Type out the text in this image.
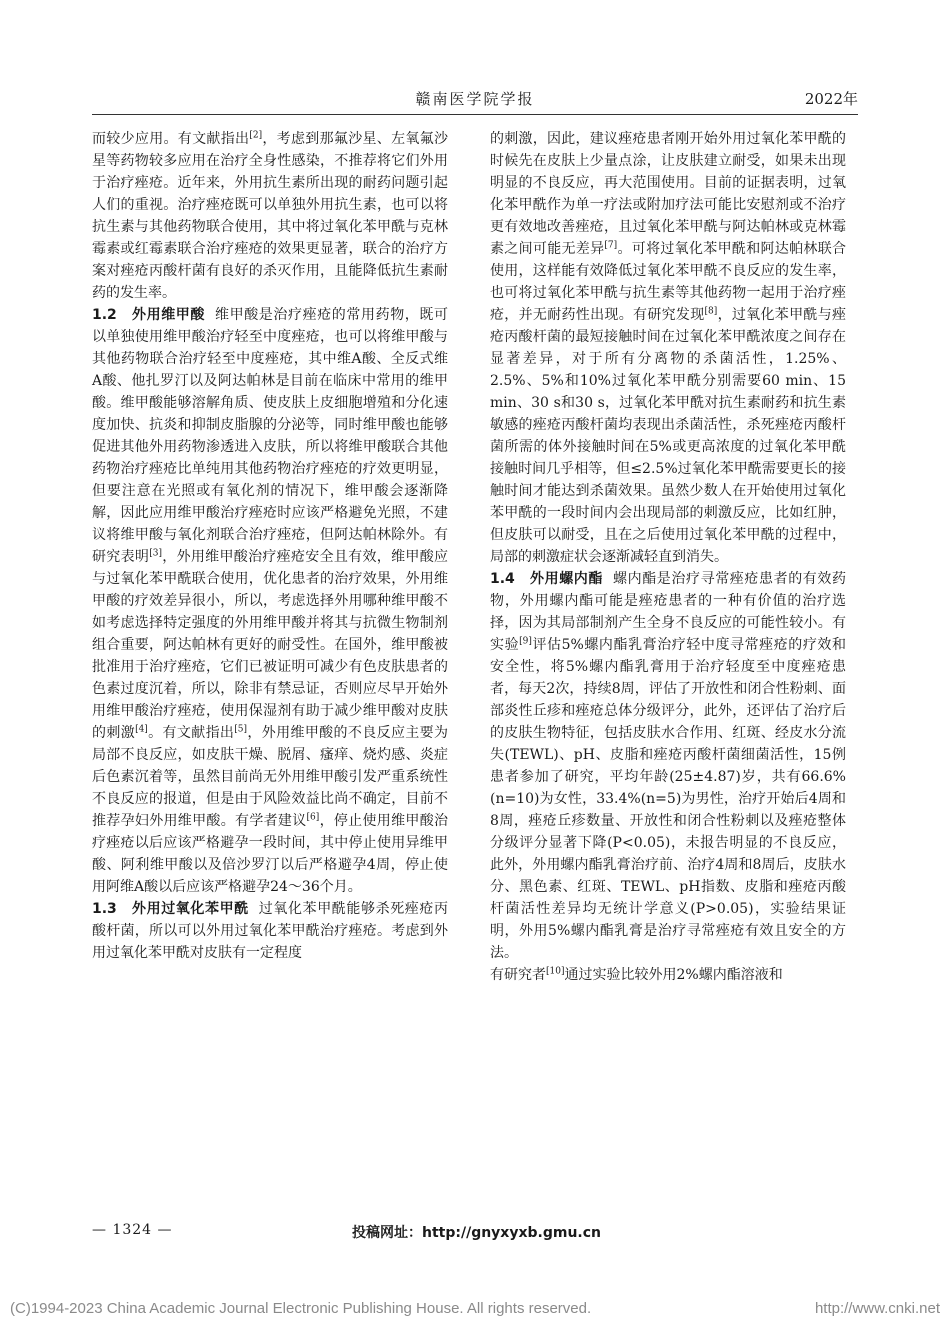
赣南医学院学报	2022年

而较少应用。有文献指出[2]，考虑到那氟沙星、左氧氟沙星等药物较多应用在治疗全身性感染，不推荐将它们外用于治疗痤疮。近年来，外用抗生素所出现的耐药问题引起人们的重视。治疗痤疮既可以单独外用抗生素，也可以将抗生素与其他药物联合使用，其中将过氧化苯甲酰与克林霉素或红霉素联合治疗痤疮的效果更显著，联合的治疗方案对痤疮丙酸杆菌有良好的杀灭作用，且能降低抗生素耐药的发生率。

1.2　外用维甲酸 维甲酸是治疗痤疮的常用药物，既可以单独使用维甲酸治疗轻至中度痤疮，也可以将维甲酸与其他药物联合治疗轻至中度痤疮，其中维A酸、全反式维A酸、他扎罗汀以及阿达帕林是目前在临床中常用的维甲酸。维甲酸能够溶解角质、使皮肤上皮细胞增殖和分化速度加快、抗炎和抑制皮脂腺的分泌等，同时维甲酸也能够促进其他外用药物渗透进入皮肤，所以将维甲酸联合其他药物治疗痤疮比单纯用其他药物治疗痤疮的疗效更明显，但要注意在光照或有氧化剂的情况下，维甲酸会逐渐降解，因此应用维甲酸治疗痤疮时应该严格避免光照，不建议将维甲酸与氧化剂联合治疗痤疮，但阿达帕林除外。有研究表明[3]，外用维甲酸治疗痤疮安全且有效，维甲酸应与过氧化苯甲酰联合使用，优化患者的治疗效果，外用维甲酸的疗效差异很小，所以，考虑选择外用哪种维甲酸不如考虑选择特定强度的外用维甲酸并将其与抗微生物制剂组合重要，阿达帕林有更好的耐受性。在国外，维甲酸被批准用于治疗痤疮，它们已被证明可减少有色皮肤患者的色素过度沉着，所以，除非有禁忌证，否则应尽早开始外用维甲酸治疗痤疮，使用保湿剂有助于减少维甲酸对皮肤的刺激[4]。有文献指出[5]，外用维甲酸的不良反应主要为局部不良反应，如皮肤干燥、脱屑、瘙痒、烧灼感、炎症后色素沉着等，虽然目前尚无外用维甲酸引发严重系统性不良反应的报道，但是由于风险效益比尚不确定，目前不推荐孕妇外用维甲酸。有学者建议[6]，停止使用维甲酸治疗痤疮以后应该严格避孕一段时间，其中停止使用异维甲酸、阿利维甲酸以及倍沙罗汀以后严格避孕4周，停止使用阿维A酸以后应该严格避孕24～36个月。

1.3　外用过氧化苯甲酰 过氧化苯甲酰能够杀死痤疮丙酸杆菌，所以可以外用过氧化苯甲酰治疗痤疮。考虑到外用过氧化苯甲酰对皮肤有一定程度

的刺激，因此，建议痤疮患者刚开始外用过氧化苯甲酰的时候先在皮肤上少量点涂，让皮肤建立耐受，如果未出现明显的不良反应，再大范围使用。目前的证据表明，过氧化苯甲酰作为单一疗法或附加疗法可能比安慰剂或不治疗更有效地改善痤疮，且过氧化苯甲酰与阿达帕林或克林霉素之间可能无差异[7]。可将过氧化苯甲酰和阿达帕林联合使用，这样能有效降低过氧化苯甲酰不良反应的发生率，也可将过氧化苯甲酰与抗生素等其他药物一起用于治疗痤疮，并无耐药性出现。有研究发现[8]，过氧化苯甲酰与痤疮丙酸杆菌的最短接触时间在过氧化苯甲酰浓度之间存在显著差异，对于所有分离物的杀菌活性，1.25%、2.5%、5%和10%过氧化苯甲酰分别需要60 min、15 min、30 s和30 s，过氧化苯甲酰对抗生素耐药和抗生素敏感的痤疮丙酸杆菌均表现出杀菌活性，杀死痤疮丙酸杆菌所需的体外接触时间在5%或更高浓度的过氧化苯甲酰接触时间几乎相等，但≤2.5%过氧化苯甲酰需要更长的接触时间才能达到杀菌效果。虽然少数人在开始使用过氧化苯甲酰的一段时间内会出现局部的刺激反应，比如红肿，但皮肤可以耐受，且在之后使用过氧化苯甲酰的过程中，局部的刺激症状会逐渐减轻直到消失。

1.4　外用螺内酯 螺内酯是治疗寻常痤疮患者的有效药物，外用螺内酯可能是痤疮患者的一种有价值的治疗选择，因为其局部制剂产生全身不良反应的可能性较小。有实验[9]评估5%螺内酯乳膏治疗轻中度寻常痤疮的疗效和安全性，将5%螺内酯乳膏用于治疗轻度至中度痤疮患者，每天2次，持续8周，评估了开放性和闭合性粉刺、面部炎性丘疹和痤疮总体分级评分，此外，还评估了治疗后的皮肤生物特征，包括皮肤水合作用、红斑、经皮水分流失(TEWL)、pH、皮脂和痤疮丙酸杆菌细菌活性，15例患者参加了研究，平均年龄(25±4.87)岁，共有66.6%(n=10)为女性，33.4%(n=5)为男性，治疗开始后4周和8周，痤疮丘疹数量、开放性和闭合性粉刺以及痤疮整体分级评分显著下降(P<0.05)，未报告明显的不良反应，此外，外用螺内酯乳膏治疗前、治疗4周和8周后，皮肤水分、黑色素、红斑、TEWL、pH指数、皮脂和痤疮丙酸杆菌活性差异均无统计学意义(P>0.05)，实验结果证明，外用5%螺内酯乳膏是治疗寻常痤疮有效且安全的方法。

有研究者[10]通过实验比较外用2%螺内酯溶液和

— 1324 —	投稿网址：http://gnyxyxb.gmu.cn
(C)1994-2023 China Academic Journal Electronic Publishing House. All rights reserved.	http://www.cnki.net
